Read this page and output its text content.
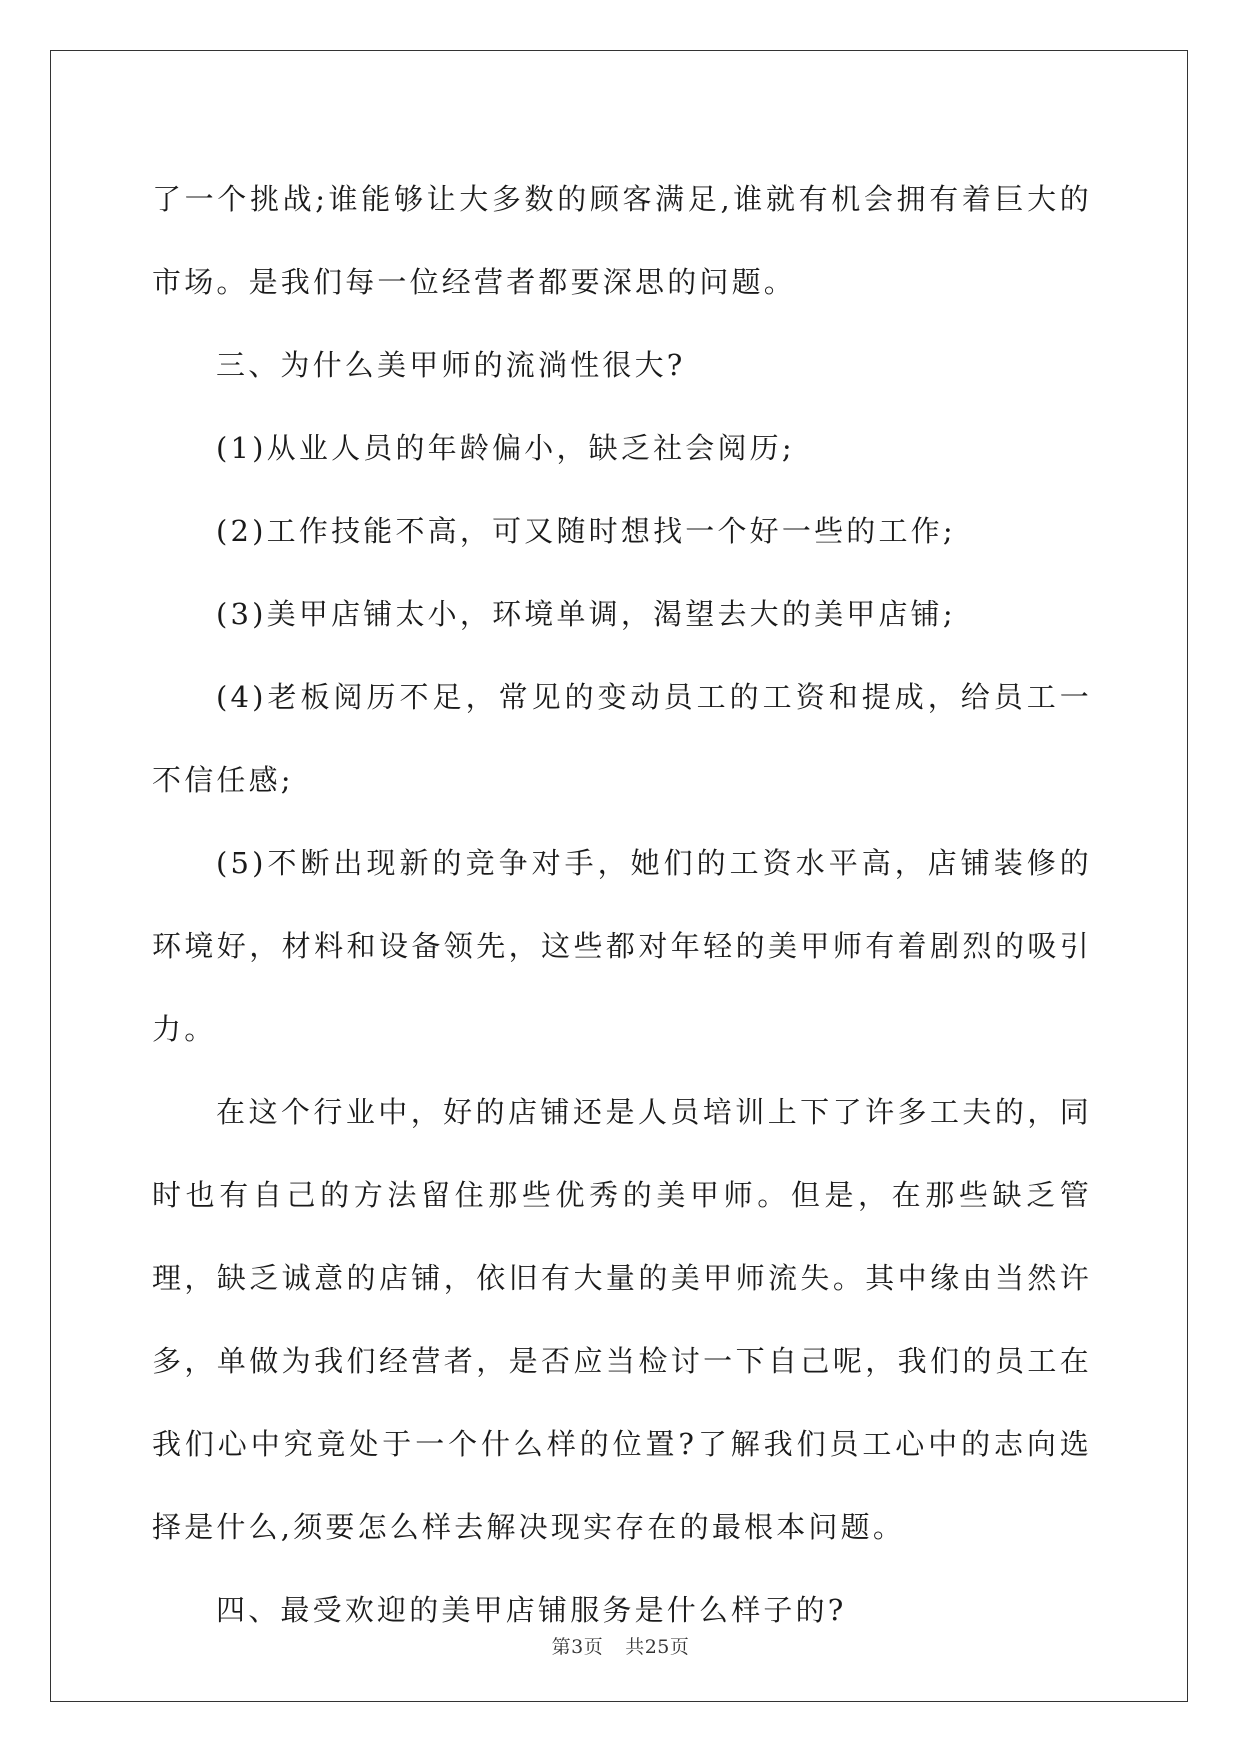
了一个挑战;谁能够让大多数的顾客满足,谁就有机会拥有着巨大的市场。是我们每一位经营者都要深思的问题。

三、为什么美甲师的流淌性很大?

(1)从业人员的年龄偏小，缺乏社会阅历;

(2)工作技能不高，可又随时想找一个好一些的工作;

(3)美甲店铺太小，环境单调，渴望去大的美甲店铺;

(4)老板阅历不足，常见的变动员工的工资和提成，给员工一不信任感;

(5)不断出现新的竞争对手，她们的工资水平高，店铺装修的环境好，材料和设备领先，这些都对年轻的美甲师有着剧烈的吸引力。

在这个行业中，好的店铺还是人员培训上下了许多工夫的，同时也有自己的方法留住那些优秀的美甲师。但是，在那些缺乏管理，缺乏诚意的店铺，依旧有大量的美甲师流失。其中缘由当然许多，单做为我们经营者，是否应当检讨一下自己呢，我们的员工在我们心中究竟处于一个什么样的位置?了解我们员工心中的志向选择是什么,须要怎么样去解决现实存在的最根本问题。

四、最受欢迎的美甲店铺服务是什么样子的?

第3页 共25页
